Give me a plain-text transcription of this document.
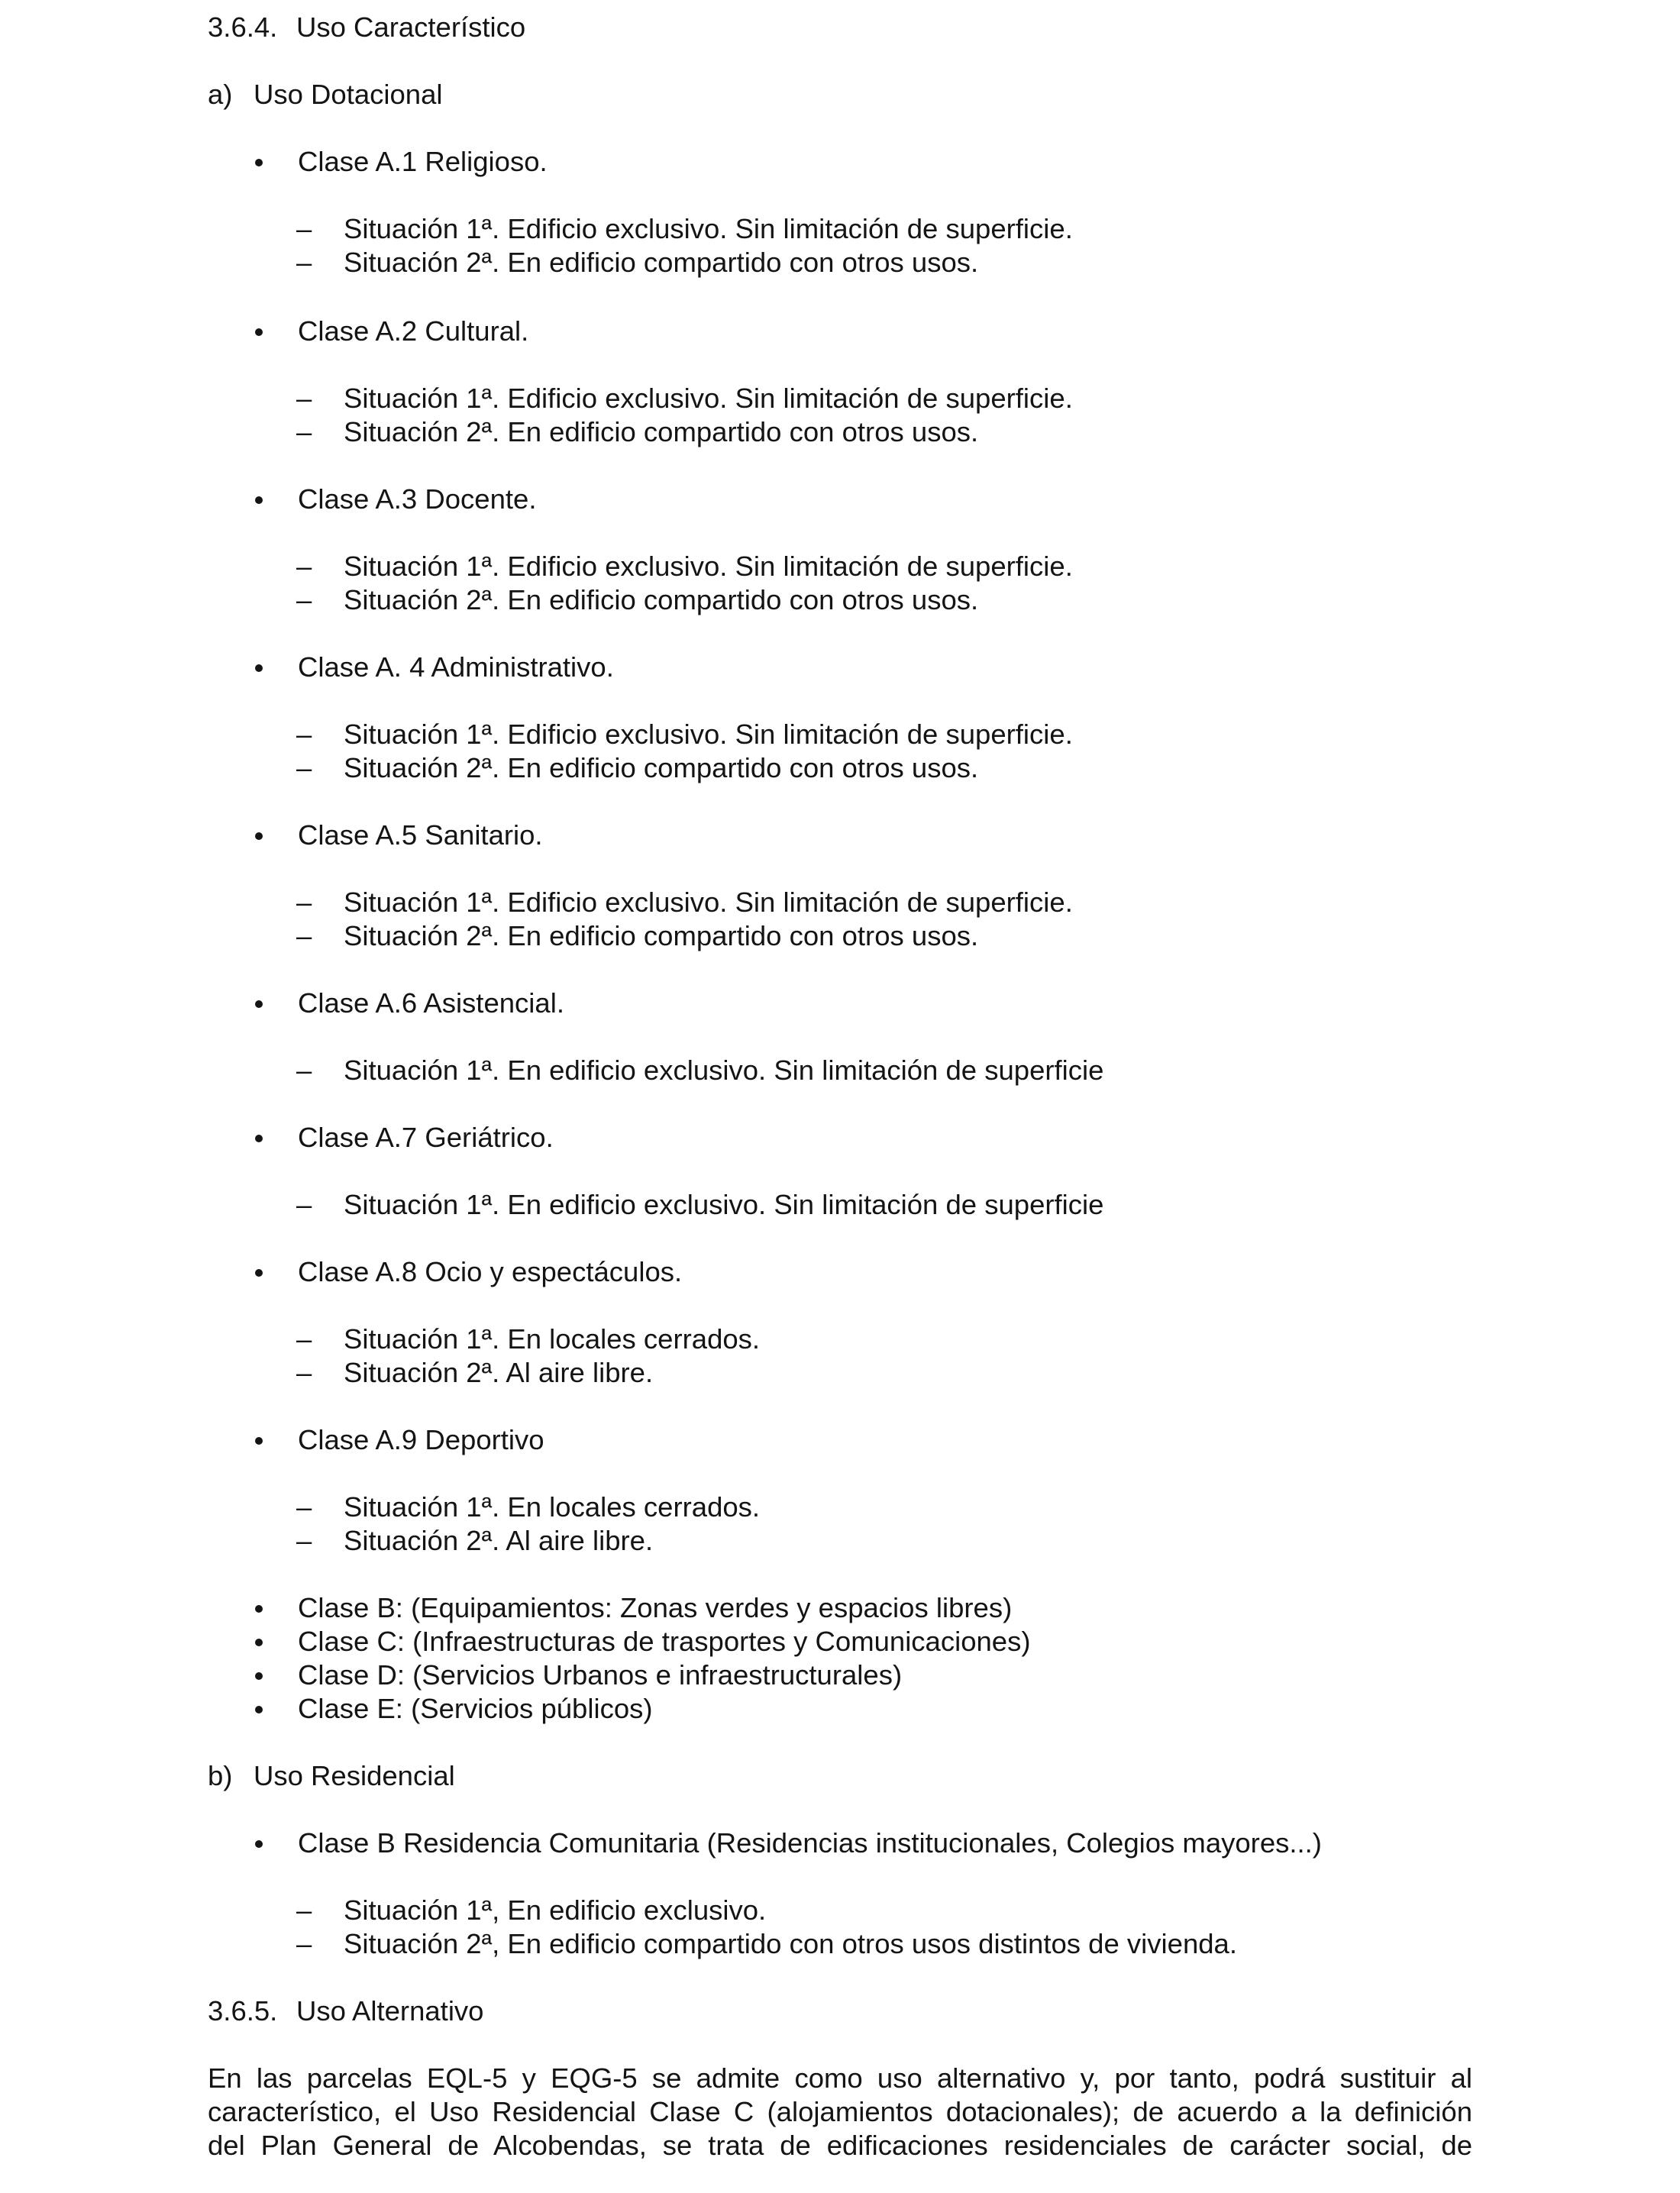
3.6.4. Uso Característico
a) Uso Dotacional
Clase A.1 Religioso.
– Situación 1ª. Edificio exclusivo. Sin limitación de superficie.
– Situación 2ª. En edificio compartido con otros usos.
Clase A.2 Cultural.
– Situación 1ª. Edificio exclusivo. Sin limitación de superficie.
– Situación 2ª. En edificio compartido con otros usos.
Clase A.3 Docente.
– Situación 1ª. Edificio exclusivo. Sin limitación de superficie.
– Situación 2ª. En edificio compartido con otros usos.
Clase A. 4 Administrativo.
– Situación 1ª. Edificio exclusivo. Sin limitación de superficie.
– Situación 2ª. En edificio compartido con otros usos.
Clase A.5 Sanitario.
– Situación 1ª. Edificio exclusivo. Sin limitación de superficie.
– Situación 2ª. En edificio compartido con otros usos.
Clase A.6 Asistencial.
– Situación 1ª. En edificio exclusivo. Sin limitación de superficie
Clase A.7 Geriátrico.
– Situación 1ª. En edificio exclusivo. Sin limitación de superficie
Clase A.8 Ocio y espectáculos.
– Situación 1ª. En locales cerrados.
– Situación 2ª. Al aire libre.
Clase A.9 Deportivo
– Situación 1ª. En locales cerrados.
– Situación 2ª. Al aire libre.
Clase B: (Equipamientos: Zonas verdes y espacios libres)
Clase C: (Infraestructuras de trasportes y Comunicaciones)
Clase D: (Servicios Urbanos e infraestructurales)
Clase E: (Servicios públicos)
b) Uso Residencial
Clase B Residencia Comunitaria (Residencias institucionales, Colegios mayores...)
– Situación 1ª, En edificio exclusivo.
– Situación 2ª, En edificio compartido con otros usos distintos de vivienda.
3.6.5. Uso Alternativo
En las parcelas EQL-5 y EQG-5 se admite como uso alternativo y, por tanto, podrá sustituir al
característico, el Uso Residencial Clase C (alojamientos dotacionales); de acuerdo a la definición
del Plan General de Alcobendas, se trata de edificaciones residenciales de carácter social, de
